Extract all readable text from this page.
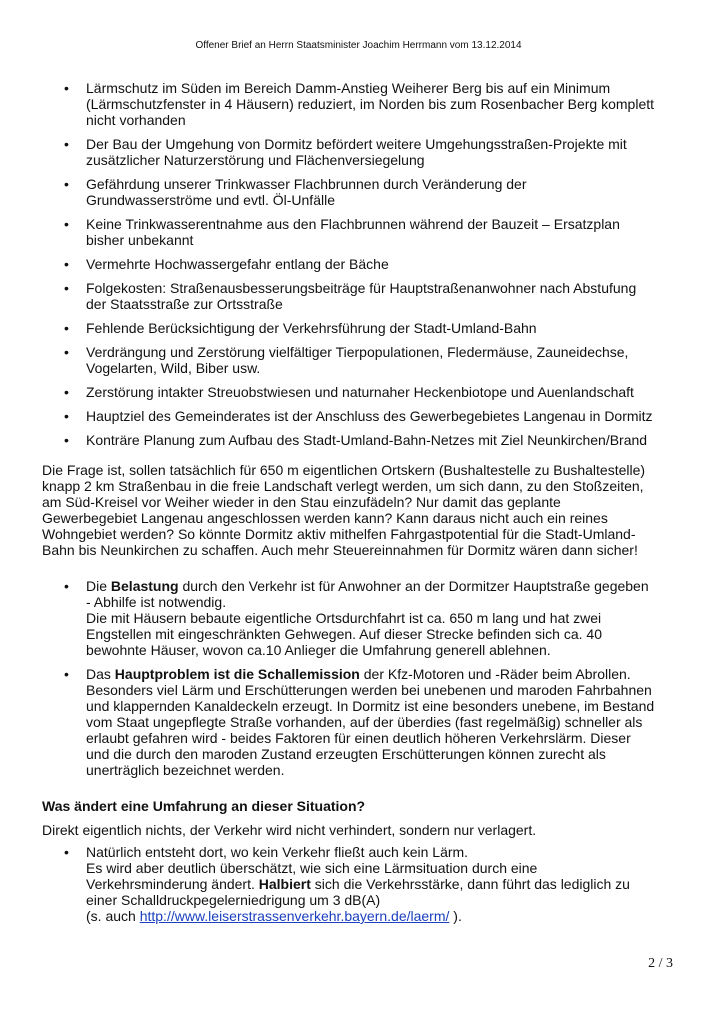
Offener Brief an Herrn Staatsminister Joachim Herrmann vom 13.12.2014
• Lärmschutz im Süden im Bereich Damm-Anstieg Weiherer Berg bis auf ein Minimum
(Lärmschutzfenster in 4 Häusern) reduziert, im Norden bis zum Rosenbacher Berg komplett
nicht vorhanden
• Der Bau der Umgehung von Dormitz befördert weitere Umgehungsstraßen-Projekte mit
zusätzlicher Naturzerstörung und Flächenversiegelung
• Gefährdung unserer Trinkwasser Flachbrunnen durch Veränderung der
Grundwasserströme und evtl. Öl-Unfälle
• Keine Trinkwasserentnahme aus den Flachbrunnen während der Bauzeit – Ersatzplan
bisher unbekannt
• Vermehrte Hochwassergefahr entlang der Bäche
• Folgekosten: Straßenausbesserungsbeiträge für Hauptstraßenanwohner nach Abstufung
der Staatsstraße zur Ortsstraße
• Fehlende Berücksichtigung der Verkehrsführung der Stadt-Umland-Bahn
• Verdrängung und Zerstörung vielfältiger Tierpopulationen, Fledermäuse, Zauneidechse,
Vogelarten, Wild, Biber usw.
• Zerstörung intakter Streuobstwiesen und naturnaher Heckenbiotope und Auenlandschaft
• Hauptziel des Gemeinderates ist der Anschluss des Gewerbegebietes Langenau in Dormitz
• Konträre Planung zum Aufbau des Stadt-Umland-Bahn-Netzes mit Ziel Neunkirchen/Brand

Die Frage ist, sollen tatsächlich für 650 m eigentlichen Ortskern (Bushaltestelle zu Bushaltestelle)
knapp 2 km Straßenbau in die freie Landschaft verlegt werden, um sich dann, zu den Stoßzeiten,
am Süd-Kreisel vor Weiher wieder in den Stau einzufädeln? Nur damit das geplante
Gewerbegebiet Langenau angeschlossen werden kann? Kann daraus nicht auch ein reines
Wohngebiet werden? So könnte Dormitz aktiv mithelfen Fahrgastpotential für die Stadt-Umland-
Bahn bis Neunkirchen zu schaffen. Auch mehr Steuereinnahmen für Dormitz wären dann sicher!

• Die Belastung durch den Verkehr ist für Anwohner an der Dormitzer Hauptstraße gegeben
- Abhilfe ist notwendig.
Die mit Häusern bebaute eigentliche Ortsdurchfahrt ist ca. 650 m lang und hat zwei
Engstellen mit eingeschränkten Gehwegen. Auf dieser Strecke befinden sich ca. 40
bewohnte Häuser, wovon ca.10 Anlieger die Umfahrung generell ablehnen.
• Das Hauptproblem ist die Schallemission der Kfz-Motoren und -Räder beim Abrollen.
Besonders viel Lärm und Erschütterungen werden bei unebenen und maroden Fahrbahnen
und klappernden Kanaldeckeln erzeugt. In Dormitz ist eine besonders unebene, im Bestand
vom Staat ungepflegte Straße vorhanden, auf der überdies (fast regelmäßig) schneller als
erlaubt gefahren wird - beides Faktoren für einen deutlich höheren Verkehrslärm. Dieser
und die durch den maroden Zustand erzeugten Erschütterungen können zurecht als
unerträglich bezeichnet werden.
Was ändert eine Umfahrung an dieser Situation?
Direkt eigentlich nichts, der Verkehr wird nicht verhindert, sondern nur verlagert.
• Natürlich entsteht dort, wo kein Verkehr fließt auch kein Lärm.
Es wird aber deutlich überschätzt, wie sich eine Lärmsituation durch eine
Verkehrsminderung ändert. Halbiert sich die Verkehrsstärke, dann führt das lediglich zu
einer Schalldruckpegelerniedrigung um 3 dB(A)
(s. auch http://www.leiserstrassenverkehr.bayern.de/laerm/ ).
2 / 3
